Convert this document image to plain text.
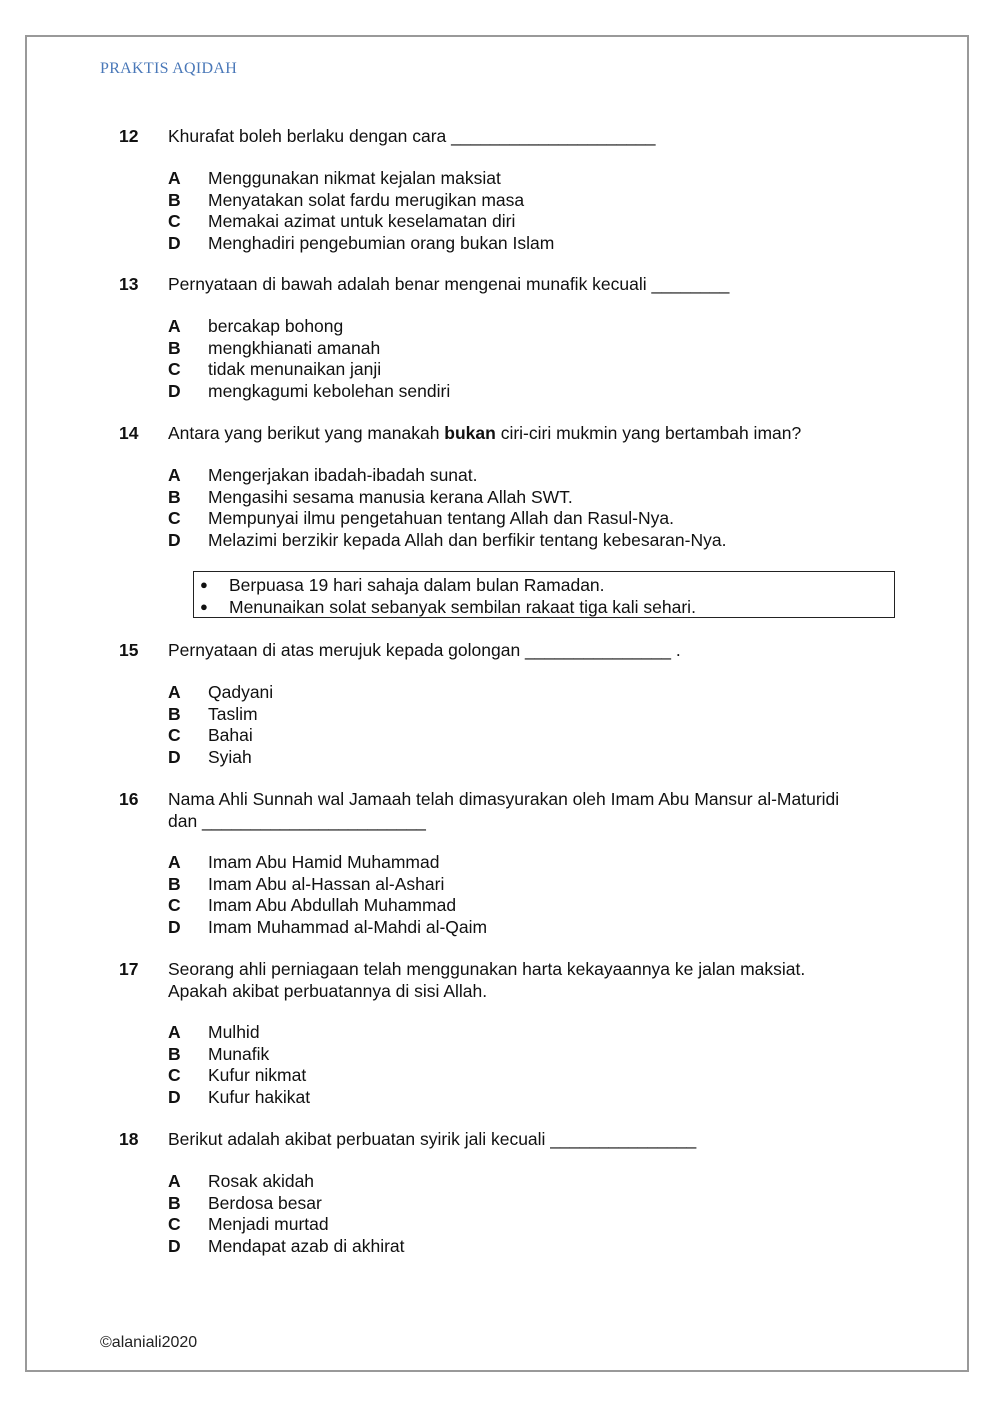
PRAKTIS AQIDAH
12 Khurafat boleh berlaku dengan cara _____________________
A Menggunakan nikmat kejalan maksiat
B Menyatakan solat fardu merugikan masa
C Memakai azimat untuk keselamatan diri
D Menghadiri pengebumian orang bukan Islam
13 Pernyataan di bawah adalah benar mengenai munafik kecuali ________
A bercakap bohong
B mengkhianati amanah
C tidak menunaikan janji
D mengkagumi kebolehan sendiri
14 Antara yang berikut yang manakah bukan ciri-ciri mukmin yang bertambah iman?
A Mengerjakan ibadah-ibadah sunat.
B Mengasihi sesama manusia kerana Allah SWT.
C Mempunyai ilmu pengetahuan tentang Allah dan Rasul-Nya.
D Melazimi berzikir kepada Allah dan berfikir tentang kebesaran-Nya.
● Berpuasa 19 hari sahaja dalam bulan Ramadan.
● Menunaikan solat sebanyak sembilan rakaat tiga kali sehari.
15 Pernyataan di atas merujuk kepada golongan _______________ .
A Qadyani
B Taslim
C Bahai
D Syiah
16 Nama Ahli Sunnah wal Jamaah telah dimasyurakan oleh Imam Abu Mansur al-Maturidi
dan _______________________
A Imam Abu Hamid Muhammad
B Imam Abu al-Hassan al-Ashari
C Imam Abu Abdullah Muhammad
D Imam Muhammad al-Mahdi al-Qaim
17 Seorang ahli perniagaan telah menggunakan harta kekayaannya ke jalan maksiat.
Apakah akibat perbuatannya di sisi Allah.
A Mulhid
B Munafik
C Kufur nikmat
D Kufur hakikat
18 Berikut adalah akibat perbuatan syirik jali kecuali _______________
A Rosak akidah
B Berdosa besar
C Menjadi murtad
D Mendapat azab di akhirat
©alaniali2020
